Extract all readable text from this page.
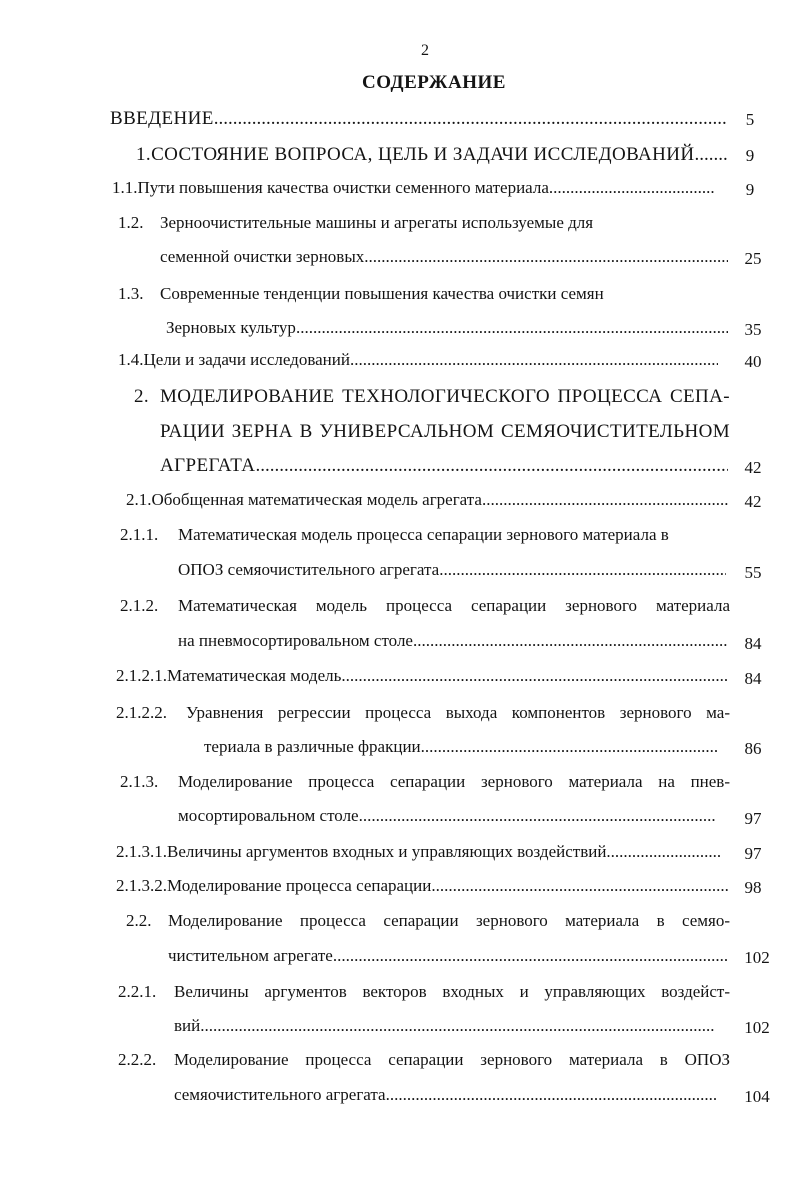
2
СОДЕРЖАНИЕ
ВВЕДЕНИЕ .....	5
1. СОСТОЯНИЕ ВОПРОСА, ЦЕЛЬ И ЗАДАЧИ ИССЛЕДОВАНИЙ .....	9
1.1. Пути повышения качества очистки семенного материала .....	9
1.2. Зерноочистительные машины и агрегаты используемые для
семенной очистки зерновых .....	25
1.3. Современные тенденции повышения качества очистки семян
Зерновых культур .....	35
1.4. Цели и задачи исследований .....	40
2. МОДЕЛИРОВАНИЕ ТЕХНОЛОГИЧЕСКОГО ПРОЦЕССА СЕПА-
РАЦИИ ЗЕРНА В УНИВЕРСАЛЬНОМ СЕМЯОЧИСТИТЕЛЬНОМ
АГРЕГАТА .....	42
2.1. Обобщенная математическая модель агрегата .....	42
2.1.1.	Математическая модель процесса сепарации зернового материала в
ОПОЗ семяочистительного агрегата .....	55
2.1.2.	Математическая модель процесса сепарации зернового материала
на пневмосортировальном столе .....	84
2.1.2.1. Математическая модель .....	84
2.1.2.2.	Уравнения регрессии процесса выхода компонентов зернового ма-
териала в различные фракции .....	86
2.1.3.	Моделирование процесса сепарации зернового материала на пнев-
мосортировальном столе .....	97
2.1.3.1. Величины аргументов входных и управляющих воздействий .....	97
2.1.3.2. Моделирование процесса сепарации .....	98
2.2. Моделирование процесса сепарации зернового материала в семяо-
чистительном агрегате .....	102
2.2.1.	Величины аргументов векторов входных и управляющих воздейст-
вий .....	102
2.2.2.	Моделирование процесса сепарации зернового материала в ОПОЗ
семяочистительного агрегата .....	104
